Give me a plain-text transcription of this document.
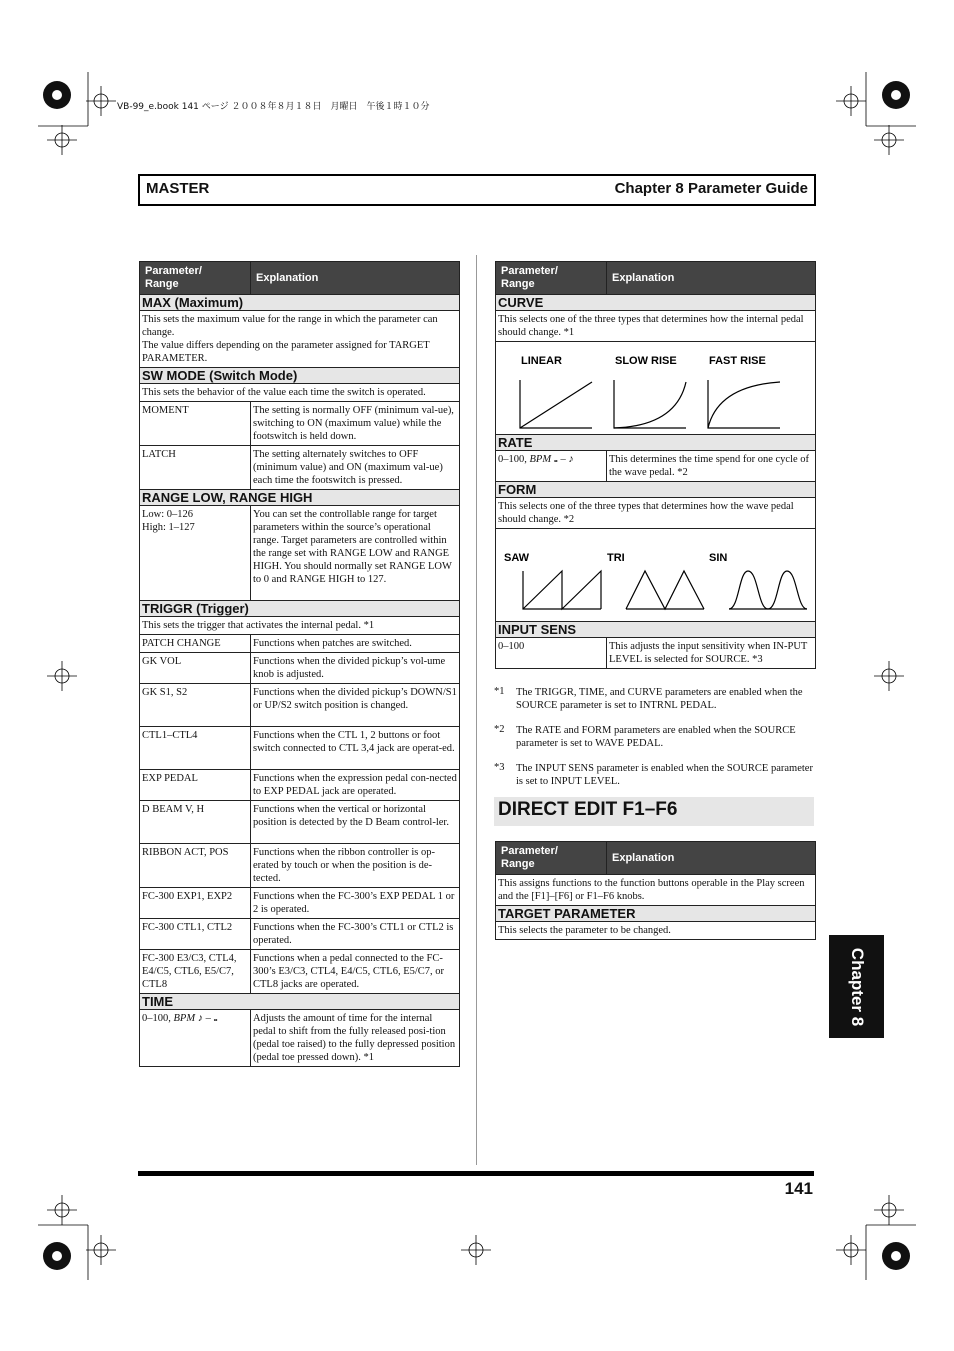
VB-99_e.book 141 ページ ２００８年８月１８日　月曜日　午後１時１０分
MASTER	Chapter 8 Parameter Guide
Parameter/
Range	Explanation
MAX (Maximum)	
This sets the maximum value for the range in which the parameter can change.
The value differs depending on the parameter assigned for TARGET PARAMETER.	
SW MODE (Switch Mode)	
This sets the behavior of the value each time the switch is operated.	
MOMENT	The setting is normally OFF (minimum val-ue), switching to ON (maximum value) while the footswitch is held down.
LATCH	The setting alternately switches to OFF (minimum value) and ON (maximum val-ue) each time the footswitch is pressed.
RANGE LOW, RANGE HIGH	
Low: 0–126
High: 1–127	You can set the controllable range for target parameters within the source’s operational range. Target parameters are controlled within the range set with RANGE LOW and RANGE HIGH. You should normally set RANGE LOW to 0 and RANGE HIGH to 127.
TRIGGR (Trigger)	
This sets the trigger that activates the internal pedal. *1	
PATCH CHANGE	Functions when patches are switched.
GK VOL	Functions when the divided pickup’s vol-ume knob is adjusted.
GK S1, S2	Functions when the divided pickup’s DOWN/S1 or UP/S2 switch position is changed.
CTL1–CTL4	Functions when the CTL 1, 2 buttons or foot switch connected to CTL 3,4 jack are operat-ed.
EXP PEDAL	Functions when the expression pedal con-nected to EXP PEDAL jack are operated.
D BEAM V, H	Functions when the vertical or horizontal position is detected by the D Beam control-ler.
RIBBON ACT, POS	Functions when the ribbon controller is op-erated by touch or when the position is de-tected.
FC-300 EXP1, EXP2	Functions when the FC-300’s EXP PEDAL 1 or 2 is operated.
FC-300 CTL1, CTL2	Functions when the FC-300’s CTL1 or CTL2 is operated.
FC-300 E3/C3, CTL4, E4/C5, CTL6, E5/C7, CTL8	Functions when a pedal connected to the FC-300’s E3/C3, CTL4, E4/C5, CTL6, E5/C7, or CTL8 jacks are operated.
TIME	
0–100, BPM ♪ – 𝅝	Adjusts the amount of time for the internal pedal to shift from the fully released posi-tion (pedal toe raised) to the fully depressed position (pedal toe pressed down). *1
Parameter/
Range	Explanation
CURVE	
This selects one of the three types that determines how the internal pedal should change. *1	

LINEAR SLOW RISE FAST RISE	

RATE	
0–100, BPM 𝅝 – ♪	This determines the time spend for one cycle of the wave pedal. *2
FORM	
This selects one of the three types that determines how the wave pedal should change. *2	

SAW TRI SIN	

INPUT SENS	
0–100	This adjusts the input sensitivity when IN-PUT LEVEL is selected for SOURCE. *3
*1	The TRIGGR, TIME, and CURVE parameters are enabled when the SOURCE parameter is set to INTRNL PEDAL.
*2	The RATE and FORM parameters are enabled when the SOURCE parameter is set to WAVE PEDAL.
*3	The INPUT SENS parameter is enabled when the SOURCE parameter is set to INPUT LEVEL.
DIRECT EDIT F1–F6
Parameter/
Range	Explanation
This assigns functions to the function buttons operable in the Play screen and the [F1]–[F6] or F1–F6 knobs.
TARGET PARAMETER
This selects the parameter to be changed.
141
Chapter 8
